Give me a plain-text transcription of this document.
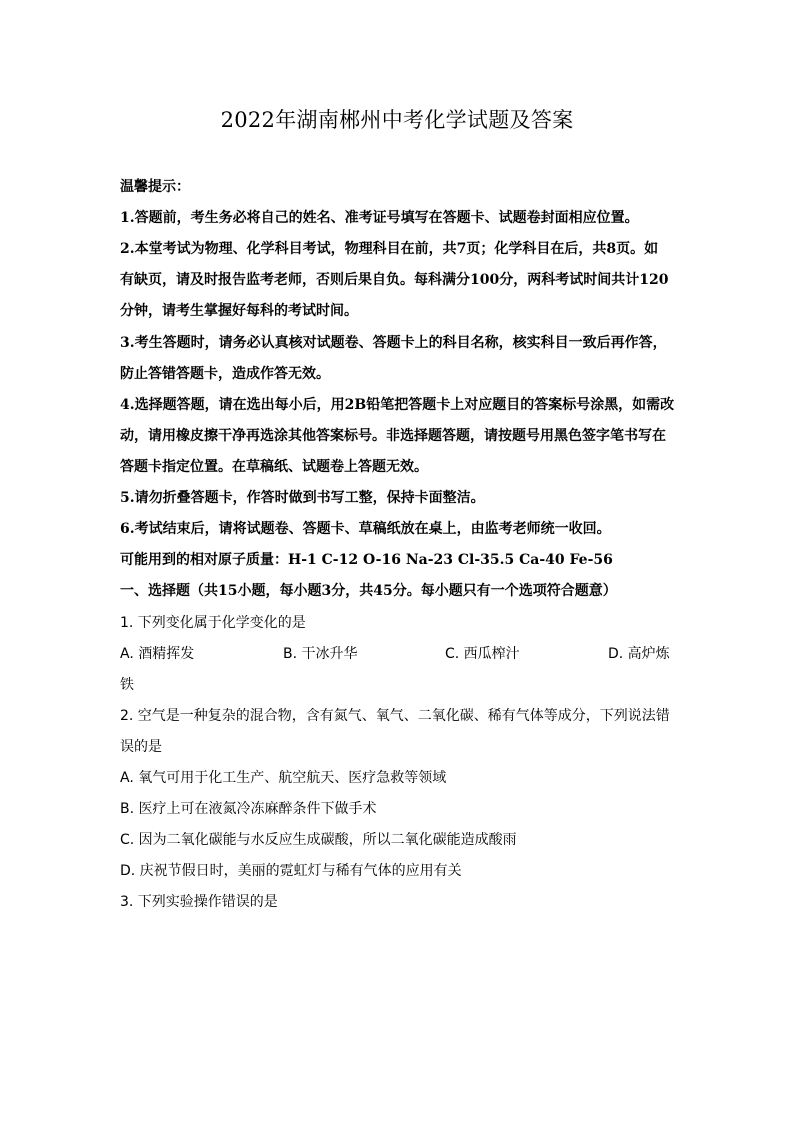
2022年湖南郴州中考化学试题及答案
温馨提示：
1.答题前，考生务必将自己的姓名、准考证号填写在答题卡、试题卷封面相应位置。
2.本堂考试为物理、化学科目考试，物理科目在前，共7页；化学科目在后，共8页。如
有缺页，请及时报告监考老师，否则后果自负。每科满分100分，两科考试时间共计120
分钟，请考生掌握好每科的考试时间。
3.考生答题时，请务必认真核对试题卷、答题卡上的科目名称，核实科目一致后再作答，
防止答错答题卡，造成作答无效。
4.选择题答题，请在选出每小后，用2B铅笔把答题卡上对应题目的答案标号涂黑，如需改
动，请用橡皮擦干净再选涂其他答案标号。非选择题答题，请按题号用黑色签字笔书写在
答题卡指定位置。在草稿纸、试题卷上答题无效。
5.请勿折叠答题卡，作答时做到书写工整，保持卡面整洁。
6.考试结束后，请将试题卷、答题卡、草稿纸放在桌上，由监考老师统一收回。
可能用到的相对原子质量：H-1 C-12 O-16 Na-23 Cl-35.5 Ca-40 Fe-56
一、选择题（共15小题，每小题3分，共45分。每小题只有一个选项符合题意）
1. 下列变化属于化学变化的是
A. 酒精挥发	B. 干冰升华	C. 西瓜榨汁	D. 高炉炼
铁
2. 空气是一种复杂的混合物，含有氮气、氧气、二氧化碳、稀有气体等成分，下列说法错
误的是
A. 氧气可用于化工生产、航空航天、医疗急救等领域
B. 医疗上可在液氮冷冻麻醉条件下做手术
C. 因为二氧化碳能与水反应生成碳酸，所以二氧化碳能造成酸雨
D. 庆祝节假日时，美丽的霓虹灯与稀有气体的应用有关
3. 下列实验操作错误的是
